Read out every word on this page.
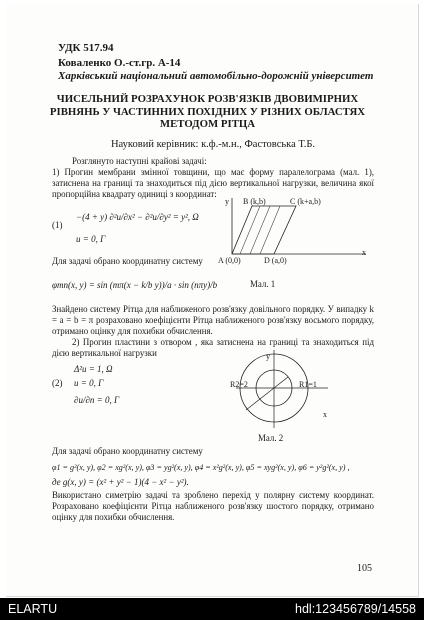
УДК 517.94
Коваленко О.-ст.гр. А-14
Харківський національний автомобільно-дорожній університет
ЧИСЕЛЬНИЙ РОЗРАХУНОК РОЗВ'ЯЗКІВ ДВОВИМІРНИХ РІВНЯНЬ У ЧАСТИННИХ ПОХІДНИХ У РІЗНИХ ОБЛАСТЯХ МЕТОДОМ РІТЦА
Науковий керівник: к.ф.-м.н., Фастовська Т.Б.
Розглянуто наступні крайові задачі:
1) Прогин мембрани змінної товщини, що має форму паралелограма (мал. 1), затиснена на границі та знаходиться під дією вертикальної нагрузки, величина якої пропорційна квадрату одиниці з координат:
(1)
−(4 + y) ∂²u/∂x² − ∂²u/∂y² = y², Ω
u = 0, Γ
y B (k,b)	C (k+a,b)
x
A (0,0)	D (a,0)
Мал. 1
Для задачі обрано координатну систему
φmn(x, y) = sin (mπ(x − k/b y))/a · sin (nπy)/b
Знайдено систему Рітца для наближеного розв'язку довільного порядку. У випадку k = a = b = π розраховано коефіцієнти Рітца наближеного розв'язку восьмого порядку, отримано оцінку для похибки обчислення.
2) Прогин пластини з отвором , яка затиснена на границі та знаходиться під дією вертикальної нагрузки
(2)
Δ²u = 1, Ω
u = 0, Γ
∂u/∂n = 0, Γ
y
R2=2	R1=1
x
Мал. 2
Для задачі обрано координатну систему
φ1 = g²(x, y), φ2 = xg²(x, y), φ3 = yg²(x, y), φ4 = x²g²(x, y), φ5 = xyg²(x, y), φ6 = y²g²(x, y) ,
де g(x, y) = (x² + y² − 1)(4 − x² − y²).
Використано симетрію задачі та зроблено перехід у полярну систему координат. Розраховано коефіцієнти Рітца наближеного розв'язку шостого порядку, отримано оцінку для похибки обчислення.
105
ELARTU	hdl:123456789/14558
